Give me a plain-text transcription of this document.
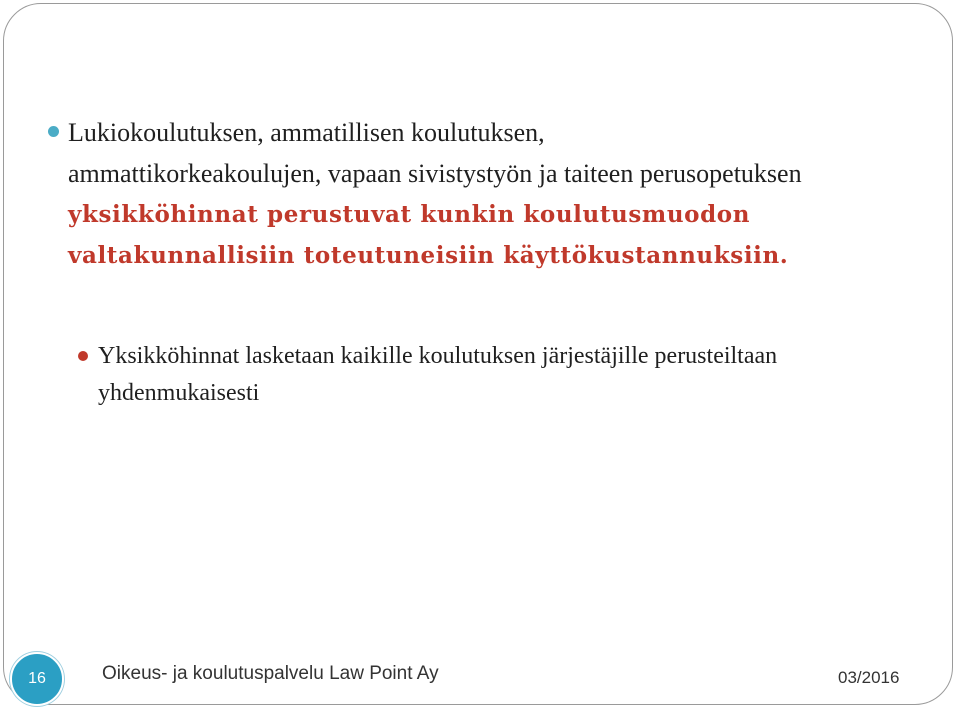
Lukiokoulutuksen, ammatillisen koulutuksen,
ammattikorkeakoulujen, vapaan sivistystyön ja taiteen perusopetuksen
yksikköhinnat perustuvat kunkin koulutusmuodon
valtakunnallisiin toteutuneisiin käyttökustannuksiin.
Yksikköhinnat lasketaan kaikille koulutuksen järjestäjille perusteiltaan
yhdenmukaisesti
16	Oikeus- ja koulutuspalvelu Law Point Ay	03/2016
